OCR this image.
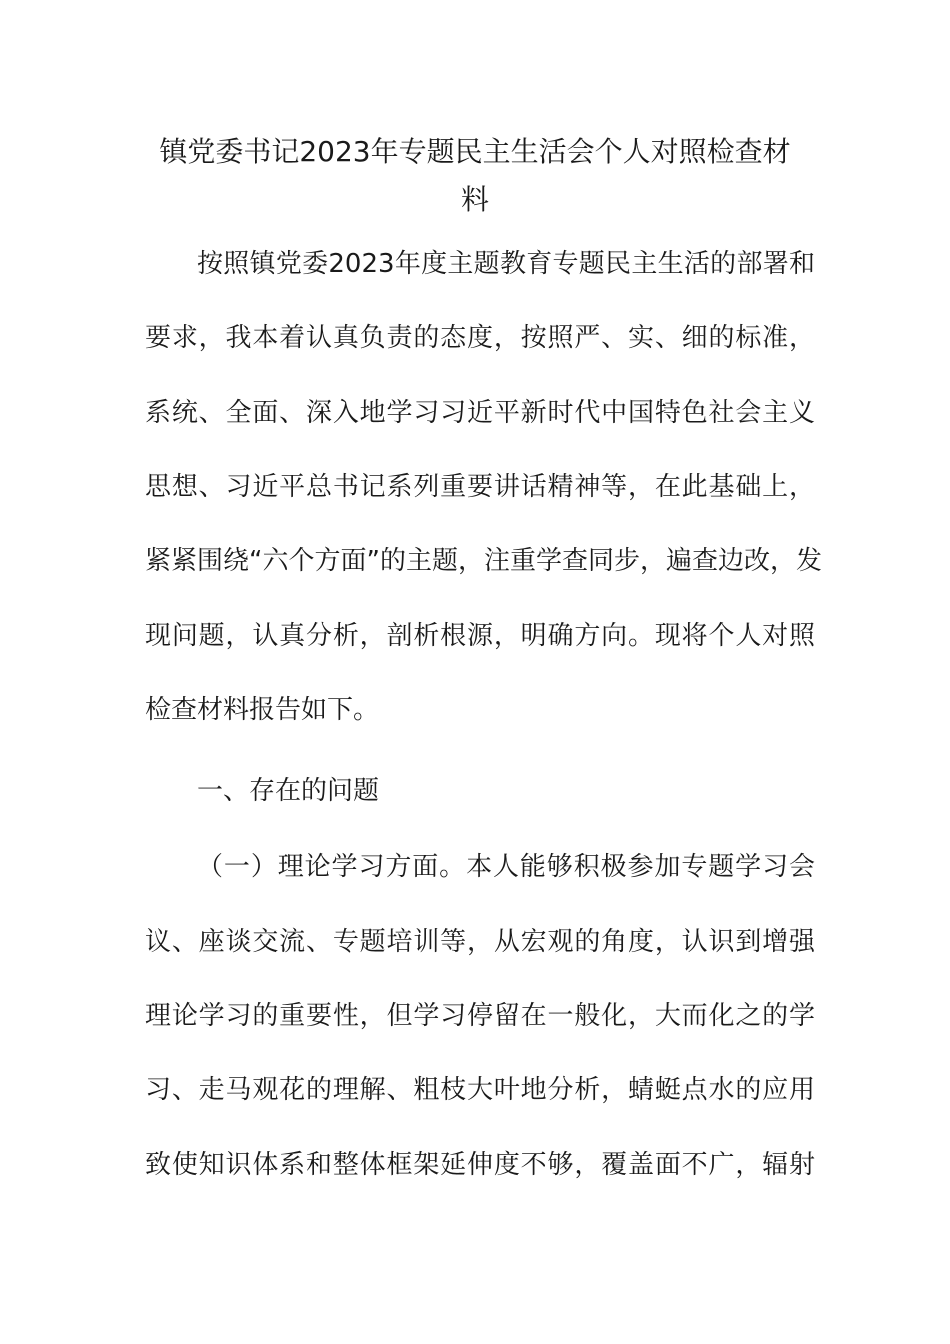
镇党委书记2023年专题民主生活会个人对照检查材
料

按照镇党委2023年度主题教育专题民主生活的部署和

要求，我本着认真负责的态度，按照严、实、细的标准，

系统、全面、深入地学习习近平新时代中国特色社会主义

思想、习近平总书记系列重要讲话精神等，在此基础上，

紧紧围绕“六个方面”的主题，注重学查同步，遍查边改，发

现问题，认真分析，剖析根源，明确方向。现将个人对照

检查材料报告如下。

一、存在的问题

（一）理论学习方面。本人能够积极参加专题学习会

议、座谈交流、专题培训等，从宏观的角度，认识到增强

理论学习的重要性，但学习停留在一般化，大而化之的学

习、走马观花的理解、粗枝大叶地分析，蜻蜓点水的应用

致使知识体系和整体框架延伸度不够，覆盖面不广，辐射
